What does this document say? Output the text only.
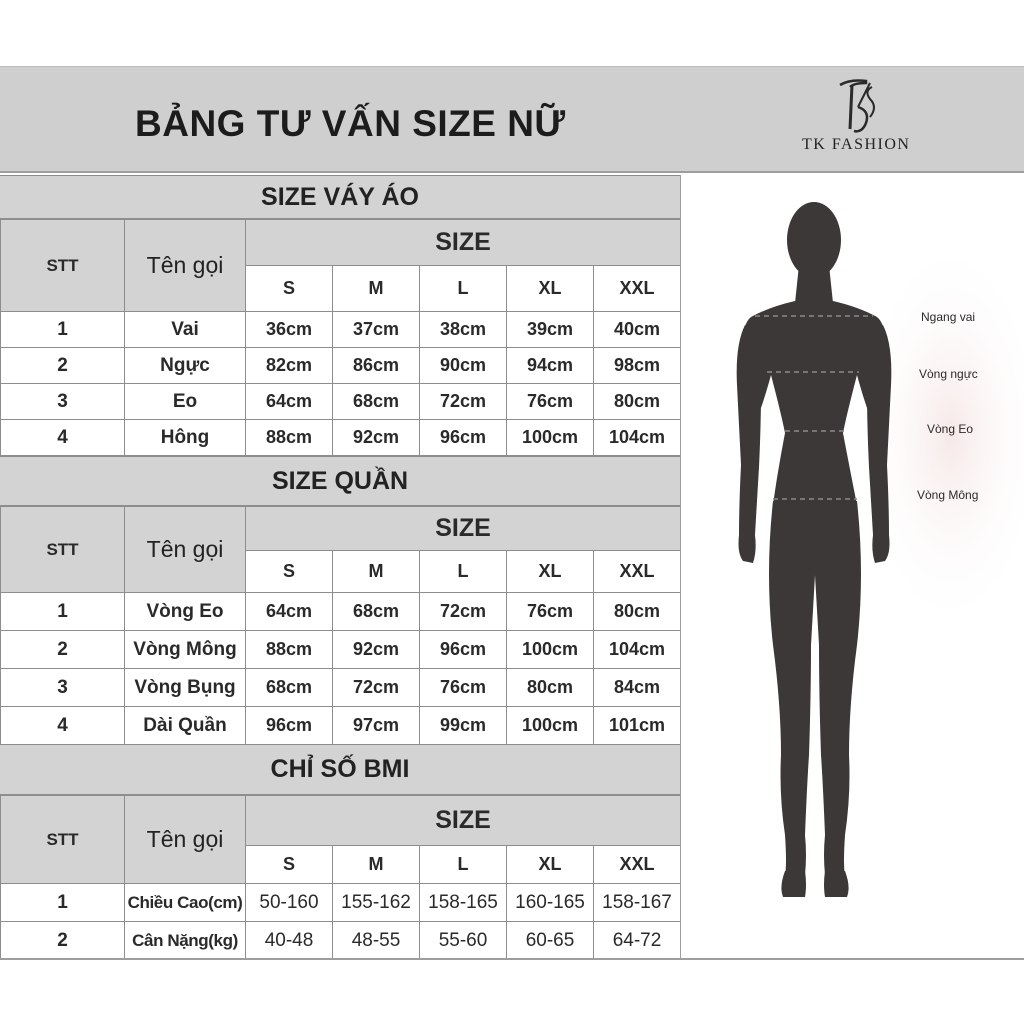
BẢNG TƯ VẤN SIZE NỮ
TK FASHION
SIZE VÁY ÁO
STT	Tên gọi	SIZE				
		S	M	L	XL	XXL
1	Vai	36cm	37cm	38cm	39cm	40cm
2	Ngực	82cm	86cm	90cm	94cm	98cm
3	Eo	64cm	68cm	72cm	76cm	80cm
4	Hông	88cm	92cm	96cm	100cm	104cm
SIZE QUẦN
STT	Tên gọi	SIZE				
		S	M	L	XL	XXL
1	Vòng Eo	64cm	68cm	72cm	76cm	80cm
2	Vòng Mông	88cm	92cm	96cm	100cm	104cm
3	Vòng Bụng	68cm	72cm	76cm	80cm	84cm
4	Dài Quần	96cm	97cm	99cm	100cm	101cm
CHỈ SỐ BMI
STT	Tên gọi	SIZE				
		S	M	L	XL	XXL
1	Chiều Cao(cm)	50-160	155-162	158-165	160-165	158-167
2	Cân Nặng(kg)	40-48	48-55	55-60	60-65	64-72
Ngang vai
Vòng ngực
Vòng Eo
Vòng Mông
